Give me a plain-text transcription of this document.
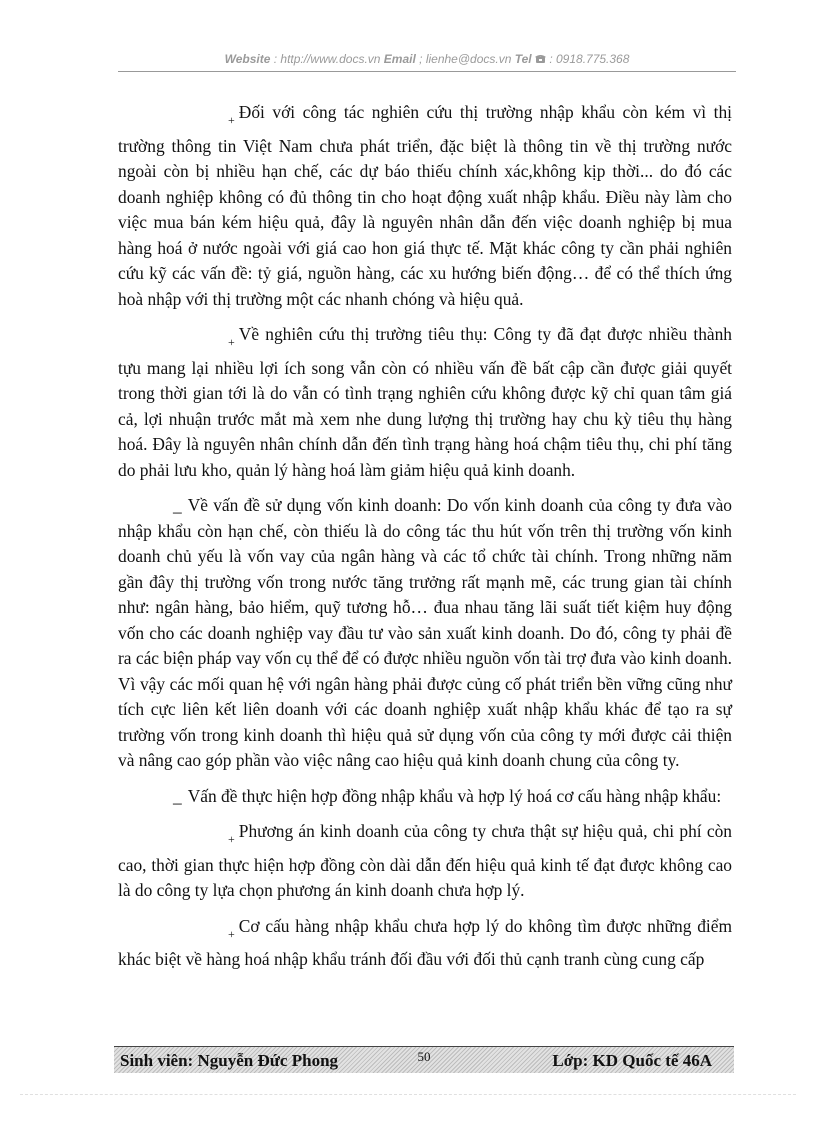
Website : http://www.docs.vn Email ; lienhe@docs.vn Tel : 0918.775.368

+ Đối với công tác nghiên cứu thị trường nhập khẩu còn kém vì thị trường thông tin Việt Nam chưa phát triển, đặc biệt là thông tin về thị trường nước ngoài còn bị nhiều hạn chế, các dự báo thiếu chính xác,không kịp thời... do đó các doanh nghiệp không có đủ thông tin cho hoạt động xuất nhập khẩu. Điều này làm cho việc mua bán kém hiệu quả, đây là nguyên nhân dẫn đến việc doanh nghiệp bị mua hàng hoá ở nước ngoài với giá cao hon giá thực tế. Mặt khác công ty cần phải nghiên cứu kỹ các vấn đề: tỷ giá, nguồn hàng, các xu hướng biến động… để có thể thích ứng hoà nhập với thị trường một các nhanh chóng và hiệu quả.

+ Về nghiên cứu thị trường tiêu thụ: Công ty đã đạt được nhiều thành tựu mang lại nhiều lợi ích song vẫn còn có nhiều vấn đề bất cập cần được giải quyết trong thời gian tới là do vẫn có tình trạng nghiên cứu không được kỹ chỉ quan tâm giá cả, lợi nhuận trước mắt mà xem nhe dung lượng thị trường hay chu kỳ tiêu thụ hàng hoá. Đây là nguyên nhân chính dẫn đến tình trạng hàng hoá chậm tiêu thụ, chi phí tăng do phải lưu kho, quản lý hàng hoá làm giảm hiệu quả kinh doanh.

_ Về vấn đề sử dụng vốn kinh doanh: Do vốn kinh doanh của công ty đưa vào nhập khẩu còn hạn chế, còn thiếu là do công tác thu hút vốn trên thị trường vốn kinh doanh chủ yếu là vốn vay của ngân hàng và các tổ chức tài chính. Trong những năm gần đây thị trường vốn trong nước tăng trưởng rất mạnh mẽ, các trung gian tài chính như: ngân hàng, bảo hiểm, quỹ tương hỗ… đua nhau tăng lãi suất tiết kiệm huy động vốn cho các doanh nghiệp vay đầu tư vào sản xuất kinh doanh. Do đó, công ty phải đề ra các biện pháp vay vốn cụ thể để có được nhiều nguồn vốn tài trợ đưa vào kinh doanh. Vì vậy các mối quan hệ với ngân hàng phải được củng cố phát triển bền vững cũng như tích cực liên kết liên doanh với các doanh nghiệp xuất nhập khẩu khác để tạo ra sự trường vốn trong kinh doanh thì hiệu quả sử dụng vốn của công ty mới được cải thiện và nâng cao góp phần vào việc nâng cao hiệu quả kinh doanh chung của công ty.

_ Vấn đề thực hiện hợp đồng nhập khẩu và hợp lý hoá cơ cấu hàng nhập khẩu:

+ Phương án kinh doanh của công ty chưa thật sự hiệu quả, chi phí còn cao, thời gian thực hiện hợp đồng còn dài dẫn đến hiệu quả kinh tế đạt được không cao là do công ty lựa chọn phương án kinh doanh chưa hợp lý.

+ Cơ cấu hàng nhập khẩu chưa hợp lý do không tìm được những điểm khác biệt về hàng hoá nhập khẩu tránh đối đầu với đối thủ cạnh tranh cùng cung cấp

Sinh viên: Nguyễn Đức Phong	50	Lớp: KD Quốc tế 46A
